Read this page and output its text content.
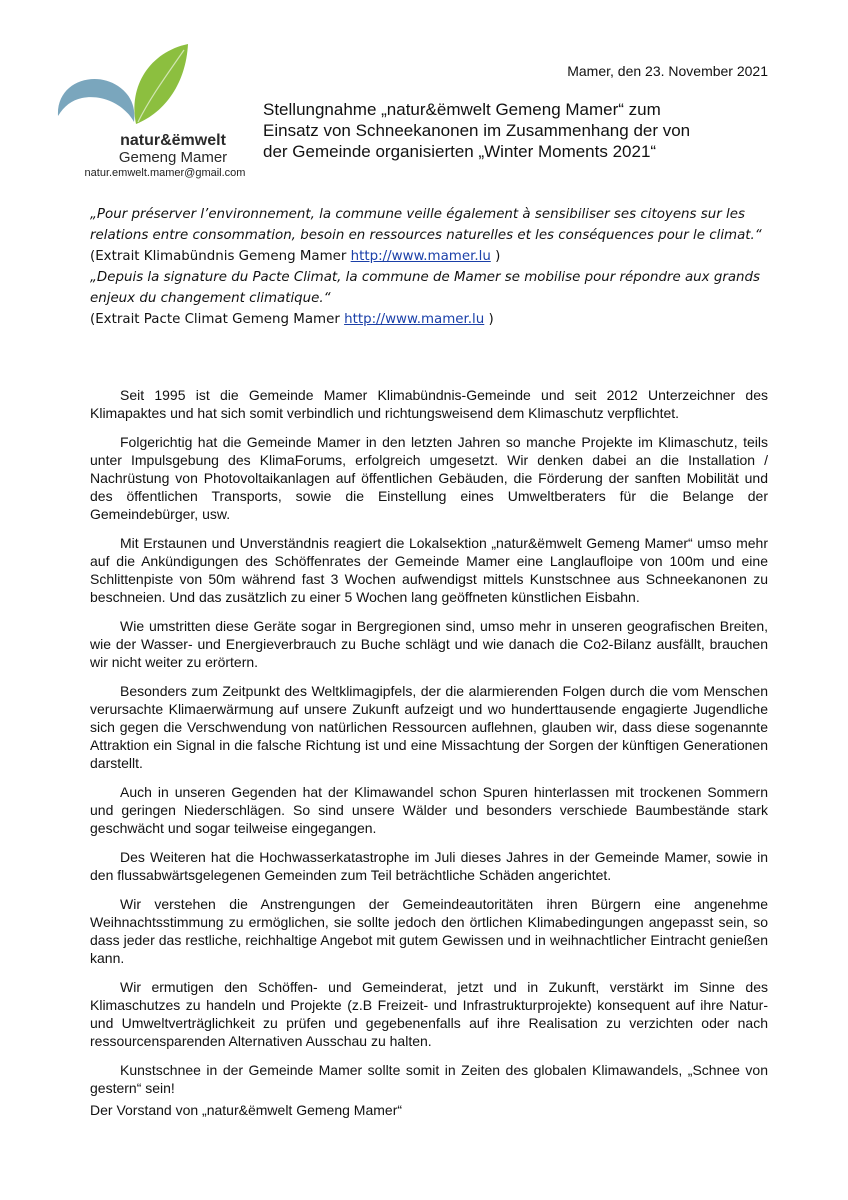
natur&ëmwelt
Gemeng Mamer
natur.emwelt.mamer@gmail.com
Mamer, den 23. November 2021
Stellungnahme „natur&ëmwelt Gemeng Mamer“ zum
Einsatz von Schneekanonen im Zusammenhang der von
der Gemeinde organisierten „Winter Moments 2021“

„Pour préserver l’environnement, la commune veille également à sensibiliser ses citoyens sur les relations entre consommation, besoin en ressources naturelles et les conséquences pour le climat.“

(Extrait Klimabündnis Gemeng Mamer http://www.mamer.lu )

„Depuis la signature du Pacte Climat, la commune de Mamer se mobilise pour répondre aux grands enjeux du changement climatique.“

(Extrait Pacte Climat Gemeng Mamer http://www.mamer.lu )

Seit 1995 ist die Gemeinde Mamer Klimabündnis-Gemeinde und seit 2012 Unterzeichner des Klimapaktes und hat sich somit verbindlich und richtungsweisend dem Klimaschutz verpflichtet.

Folgerichtig hat die Gemeinde Mamer in den letzten Jahren so manche Projekte im Klimaschutz, teils unter Impulsgebung des KlimaForums, erfolgreich umgesetzt. Wir denken dabei an die Installation / Nachrüstung von Photovoltaikanlagen auf öffentlichen Gebäuden, die Förderung der sanften Mobilität und des öffentlichen Transports, sowie die Einstellung eines Umweltberaters für die Belange der Gemeindebürger, usw.

Mit Erstaunen und Unverständnis reagiert die Lokalsektion „natur&ëmwelt Gemeng Mamer“ umso mehr auf die Ankündigungen des Schöffenrates der Gemeinde Mamer eine Langlaufloipe von 100m und eine Schlittenpiste von 50m während fast 3 Wochen aufwendigst mittels Kunstschnee aus Schneekanonen zu beschneien. Und das zusätzlich zu einer 5 Wochen lang geöffneten künstlichen Eisbahn.

Wie umstritten diese Geräte sogar in Bergregionen sind, umso mehr in unseren geografischen Breiten, wie der Wasser- und Energieverbrauch zu Buche schlägt und wie danach die Co2-Bilanz ausfällt, brauchen wir nicht weiter zu erörtern.

Besonders zum Zeitpunkt des Weltklimagipfels, der die alarmierenden Folgen durch die vom Menschen verursachte Klimaerwärmung auf unsere Zukunft aufzeigt und wo hunderttausende engagierte Jugendliche sich gegen die Verschwendung von natürlichen Ressourcen auflehnen, glauben wir, dass diese sogenannte Attraktion ein Signal in die falsche Richtung ist und eine Missachtung der Sorgen der künftigen Generationen darstellt.

Auch in unseren Gegenden hat der Klimawandel schon Spuren hinterlassen mit trockenen Sommern und geringen Niederschlägen. So sind unsere Wälder und besonders verschiede Baumbestände stark geschwächt und sogar teilweise eingegangen.

Des Weiteren hat die Hochwasserkatastrophe im Juli dieses Jahres in der Gemeinde Mamer, sowie in den flussabwärtsgelegenen Gemeinden zum Teil beträchtliche Schäden angerichtet.

Wir verstehen die Anstrengungen der Gemeindeautoritäten ihren Bürgern eine angenehme Weihnachtsstimmung zu ermöglichen, sie sollte jedoch den örtlichen Klimabedingungen angepasst sein, so dass jeder das restliche, reichhaltige Angebot mit gutem Gewissen und in weihnachtlicher Eintracht genießen kann.

Wir ermutigen den Schöffen- und Gemeinderat, jetzt und in Zukunft, verstärkt im Sinne des Klimaschutzes zu handeln und Projekte (z.B Freizeit- und Infrastrukturprojekte) konsequent auf ihre Natur- und Umweltverträglichkeit zu prüfen und gegebenenfalls auf ihre Realisation zu verzichten oder nach ressourcensparenden Alternativen Ausschau zu halten.

Kunstschnee in der Gemeinde Mamer sollte somit in Zeiten des globalen Klimawandels, „Schnee von gestern“ sein!

Der Vorstand von „natur&ëmwelt Gemeng Mamer“
